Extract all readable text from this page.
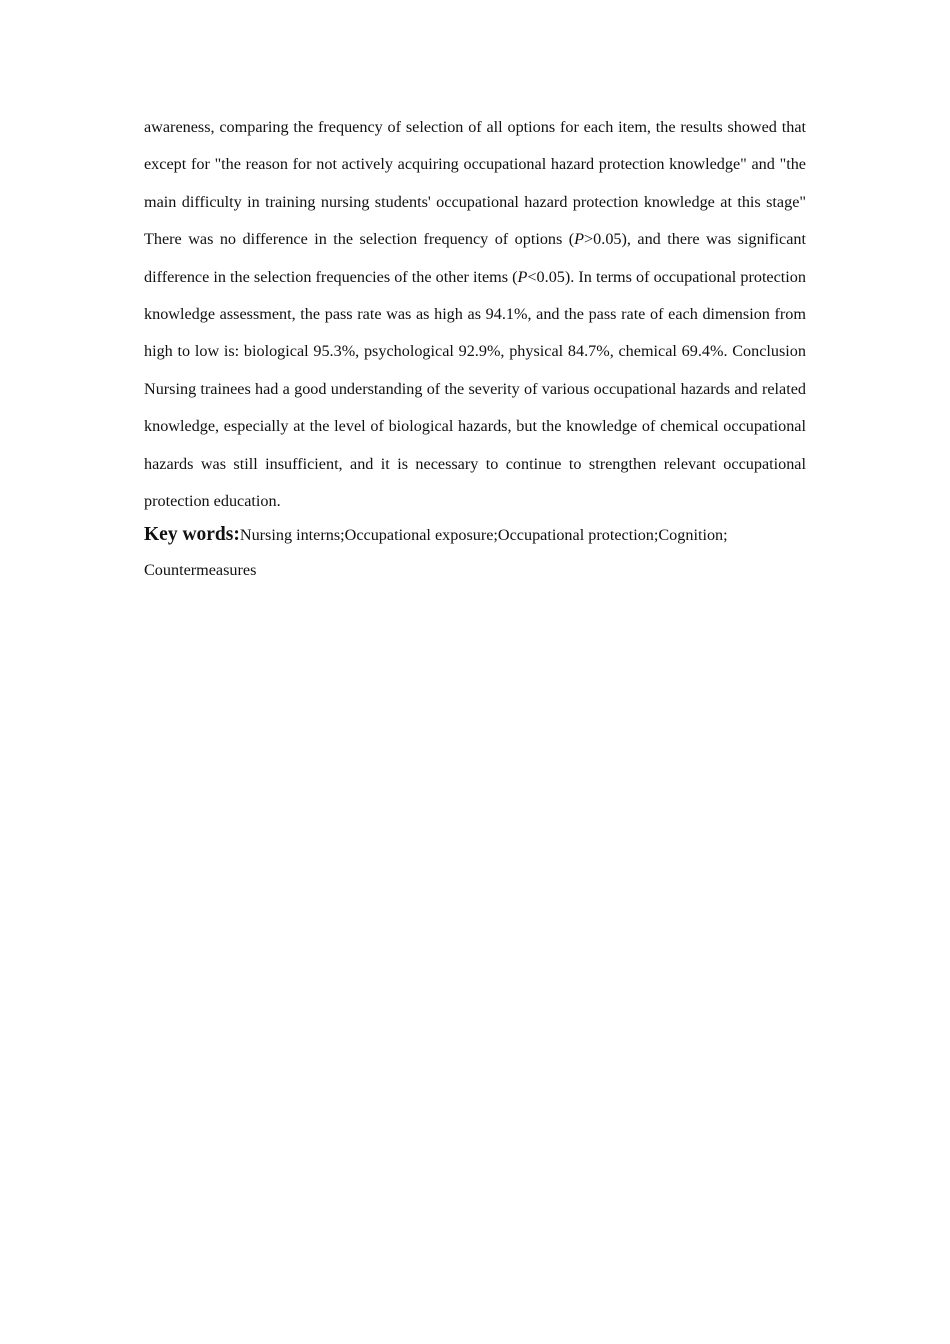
awareness, comparing the frequency of selection of all options for each item, the results showed that except for "the reason for not actively acquiring occupational hazard protection knowledge" and "the main difficulty in training nursing students' occupational hazard protection knowledge at this stage" There was no difference in the selection frequency of options (P>0.05), and there was significant difference in the selection frequencies of the other items (P<0.05). In terms of occupational protection knowledge assessment, the pass rate was as high as 94.1%, and the pass rate of each dimension from high to low is: biological 95.3%, psychological 92.9%, physical 84.7%, chemical 69.4%. Conclusion Nursing trainees had a good understanding of the severity of various occupational hazards and related knowledge, especially at the level of biological hazards, but the knowledge of chemical occupational hazards was still insufficient, and it is necessary to continue to strengthen relevant occupational protection education.

Key words:Nursing interns;Occupational exposure;Occupational protection;Cognition;
Countermeasures
